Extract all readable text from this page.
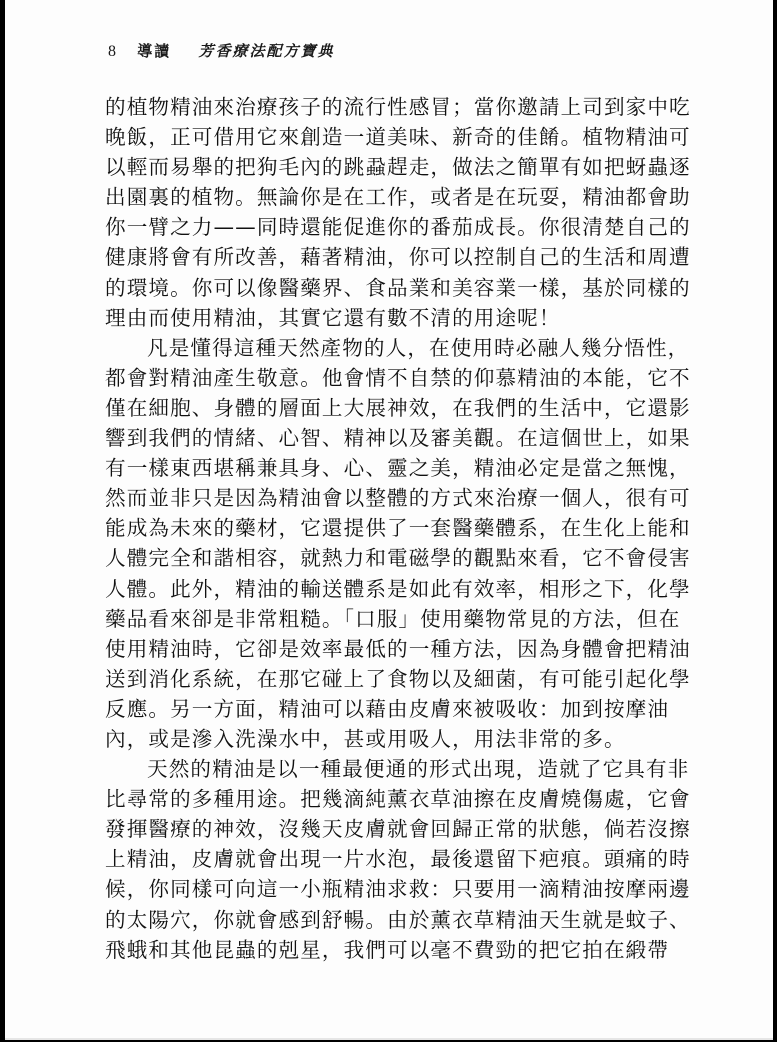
8 導讀 芳香療法配方寶典
的植物精油來治療孩子的流行性感冒；當你邀請上司到家中吃
晚飯，正可借用它來創造一道美味、新奇的佳餚。植物精油可
以輕而易舉的把狗毛內的跳蝨趕走，做法之簡單有如把蚜蟲逐
出園裏的植物。無論你是在工作，或者是在玩耍，精油都會助
你一臂之力——同時還能促進你的番茄成長。你很清楚自己的
健康將會有所改善，藉著精油，你可以控制自己的生活和周遭
的環境。你可以像醫藥界、食品業和美容業一樣，基於同樣的
理由而使用精油，其實它還有數不清的用途呢！
凡是懂得這種天然產物的人，在使用時必融人幾分悟性，
都會對精油產生敬意。他會情不自禁的仰慕精油的本能，它不
僅在細胞、身體的層面上大展神效，在我們的生活中，它還影
響到我們的情緒、心智、精神以及審美觀。在這個世上，如果
有一樣東西堪稱兼具身、心、靈之美，精油必定是當之無愧，
然而並非只是因為精油會以整體的方式來治療一個人，很有可
能成為未來的藥材，它還提供了一套醫藥體系，在生化上能和
人體完全和諧相容，就熱力和電磁學的觀點來看，它不會侵害
人體。此外，精油的輸送體系是如此有效率，相形之下，化學
藥品看來卻是非常粗糙。「口服」使用藥物常見的方法，但在
使用精油時，它卻是效率最低的一種方法，因為身體會把精油
送到消化系統，在那它碰上了食物以及細菌，有可能引起化學
反應。另一方面，精油可以藉由皮膚來被吸收：加到按摩油
內，或是滲入洗澡水中，甚或用吸人，用法非常的多。
天然的精油是以一種最便通的形式出現，造就了它具有非
比尋常的多種用途。把幾滴純薰衣草油擦在皮膚燒傷處，它會
發揮醫療的神效，沒幾天皮膚就會回歸正常的狀態，倘若沒擦
上精油，皮膚就會出現一片水泡，最後還留下疤痕。頭痛的時
候，你同樣可向這一小瓶精油求救：只要用一滴精油按摩兩邊
的太陽穴，你就會感到舒暢。由於薰衣草精油天生就是蚊子、
飛蛾和其他昆蟲的剋星，我們可以毫不費勁的把它拍在緞帶
